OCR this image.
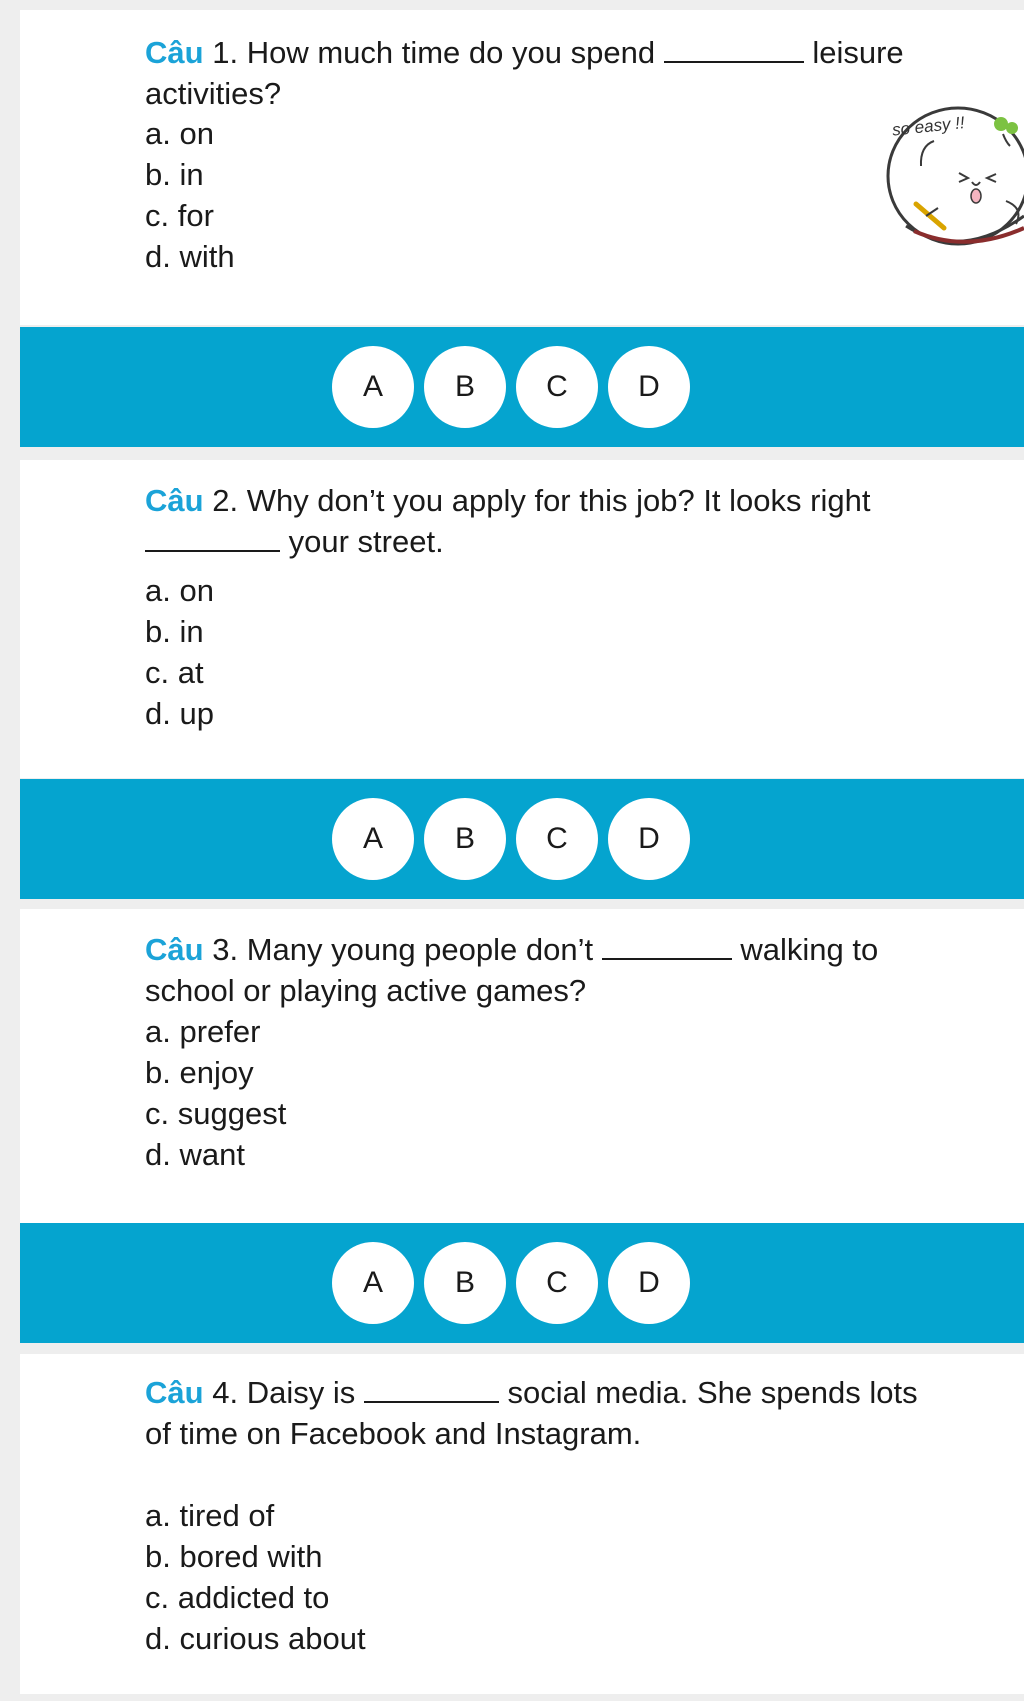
Câu 1. How much time do you spend	leisure activities?

a. on
b. in
c. for
d. with
so easy !!
A	B	C	D

Câu 2. Why don’t you apply for this job? It looks right  your street.

a. on
b. in
c. at
d. up
A	B	C	D

Câu 3. Many young people don’t	walking to school or playing active games?

a. prefer
b. enjoy
c. suggest
d. want
A	B	C	D

Câu 4. Daisy is	social media. She spends lots of time on Facebook and Instagram.

a. tired of
b. bored with
c. addicted to
d. curious about
